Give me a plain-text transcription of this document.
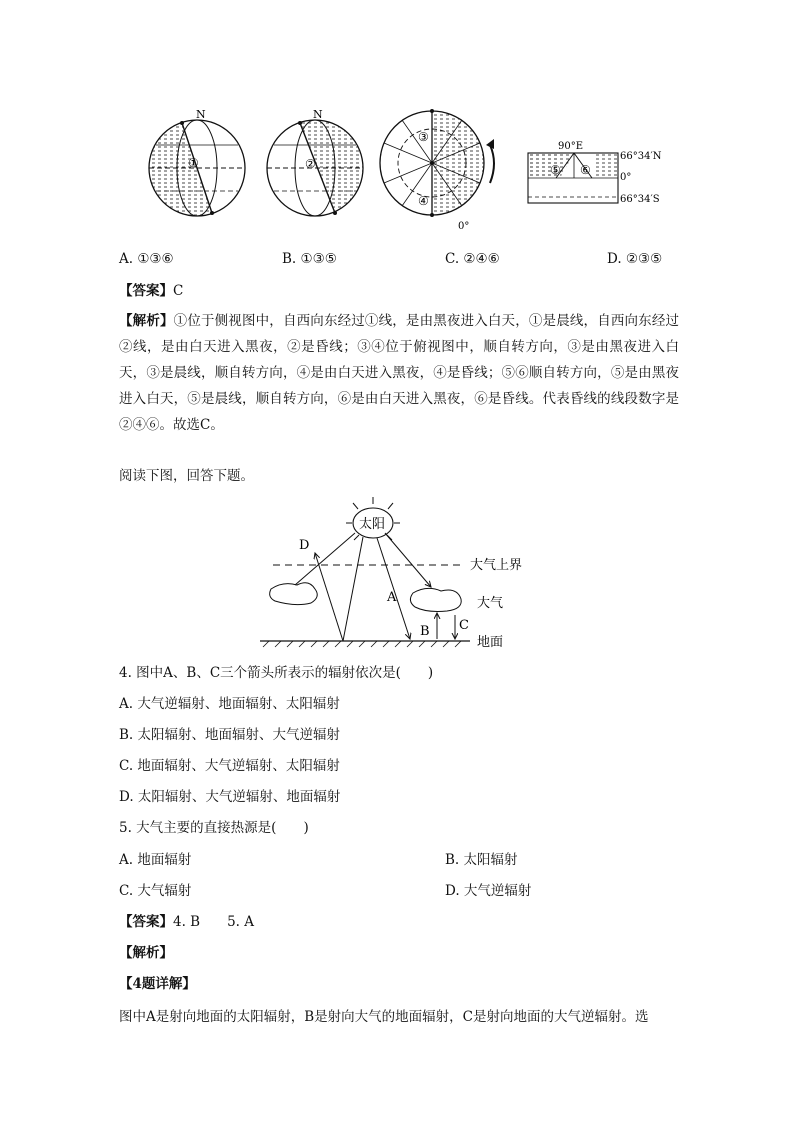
N
①
N
②
③
④
0°
90°E
66°34′N
0°
66°34′S
⑤ ⑥
A. ①③⑥	B. ①③⑤	C. ②④⑥	D. ②③⑤
【答案】C
【解析】①位于侧视图中，自西向东经过①线，是由黑夜进入白天，①是晨线，自西向东经过②线，是由白天进入黑夜，②是昏线；③④位于俯视图中，顺自转方向，③是由黑夜进入白天，③是晨线，顺自转方向，④是由白天进入黑夜，④是昏线；⑤⑥顺自转方向，⑤是由黑夜进入白天，⑤是晨线，顺自转方向，⑥是由白天进入黑夜，⑥是昏线。代表昏线的线段数字是②④⑥。故选C。
阅读下图，回答下题。
太阳
大气上界
大气
地面
D
A
B C
4. 图中A、B、C三个箭头所表示的辐射依次是(　　)
A. 大气逆辐射、地面辐射、太阳辐射
B. 太阳辐射、地面辐射、大气逆辐射
C. 地面辐射、大气逆辐射、太阳辐射
D. 太阳辐射、大气逆辐射、地面辐射
5. 大气主要的直接热源是(　　)
A. 地面辐射	B. 太阳辐射
C. 大气辐射	D. 大气逆辐射
【答案】4. B　　5. A
【解析】
【4题详解】
图中A是射向地面的太阳辐射，B是射向大气的地面辐射，C是射向地面的大气逆辐射。选
